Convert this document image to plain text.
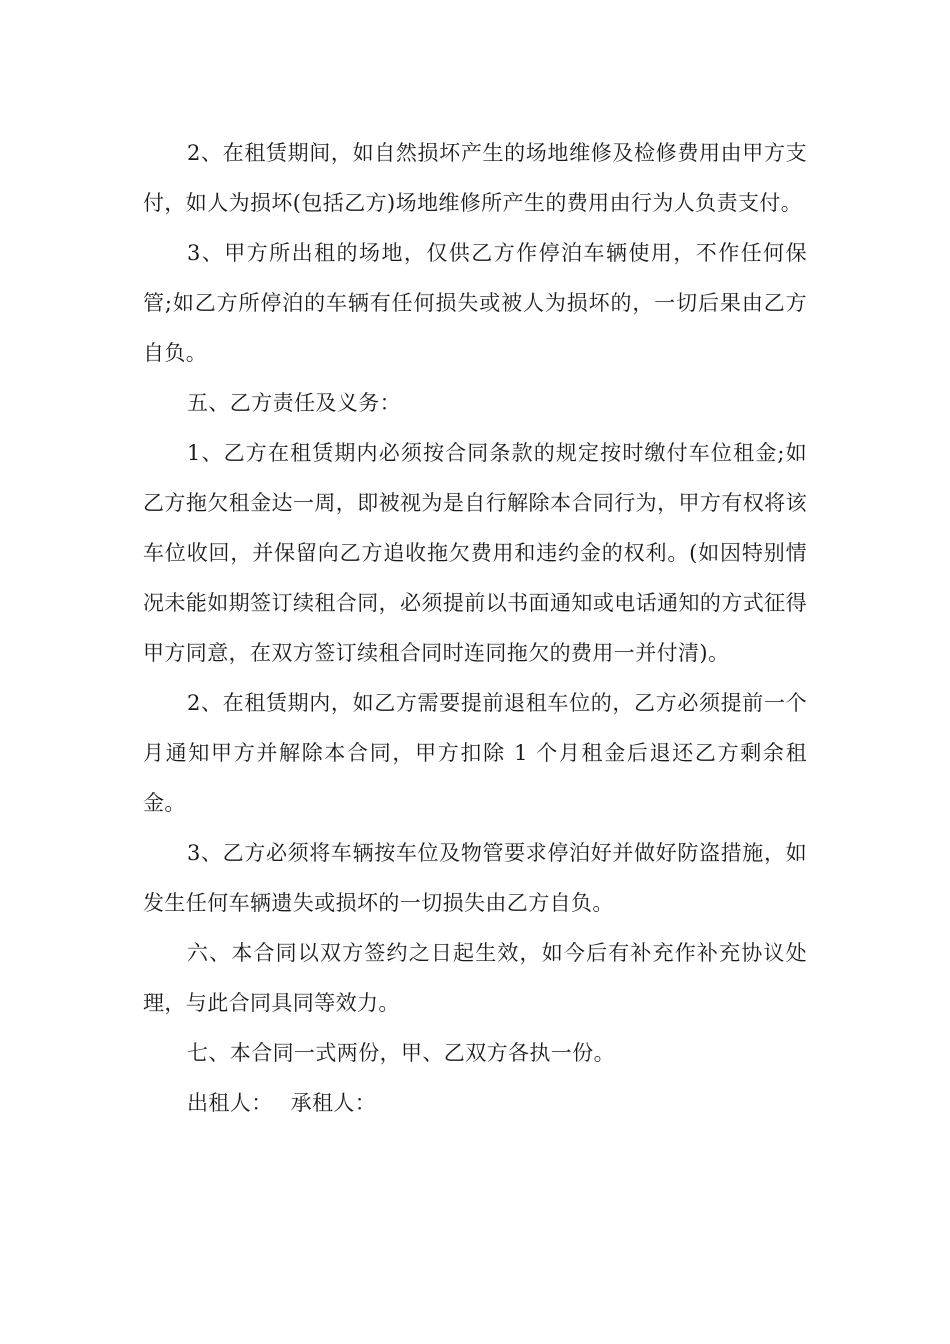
2、在租赁期间，如自然损坏产生的场地维修及检修费用由甲方支付，如人为损坏(包括乙方)场地维修所产生的费用由行为人负责支付。

3、甲方所出租的场地，仅供乙方作停泊车辆使用，不作任何保管;如乙方所停泊的车辆有任何损失或被人为损坏的，一切后果由乙方自负。

五、乙方责任及义务：

1、乙方在租赁期内必须按合同条款的规定按时缴付车位租金;如乙方拖欠租金达一周，即被视为是自行解除本合同行为，甲方有权将该车位收回，并保留向乙方追收拖欠费用和违约金的权利。(如因特别情况未能如期签订续租合同，必须提前以书面通知或电话通知的方式征得甲方同意，在双方签订续租合同时连同拖欠的费用一并付清)。

2、在租赁期内，如乙方需要提前退租车位的，乙方必须提前一个月通知甲方并解除本合同，甲方扣除 1 个月租金后退还乙方剩余租金。

3、乙方必须将车辆按车位及物管要求停泊好并做好防盗措施，如发生任何车辆遗失或损坏的一切损失由乙方自负。

六、本合同以双方签约之日起生效，如今后有补充作补充协议处理，与此合同具同等效力。

七、本合同一式两份，甲、乙双方各执一份。

出租人： 承租人：
